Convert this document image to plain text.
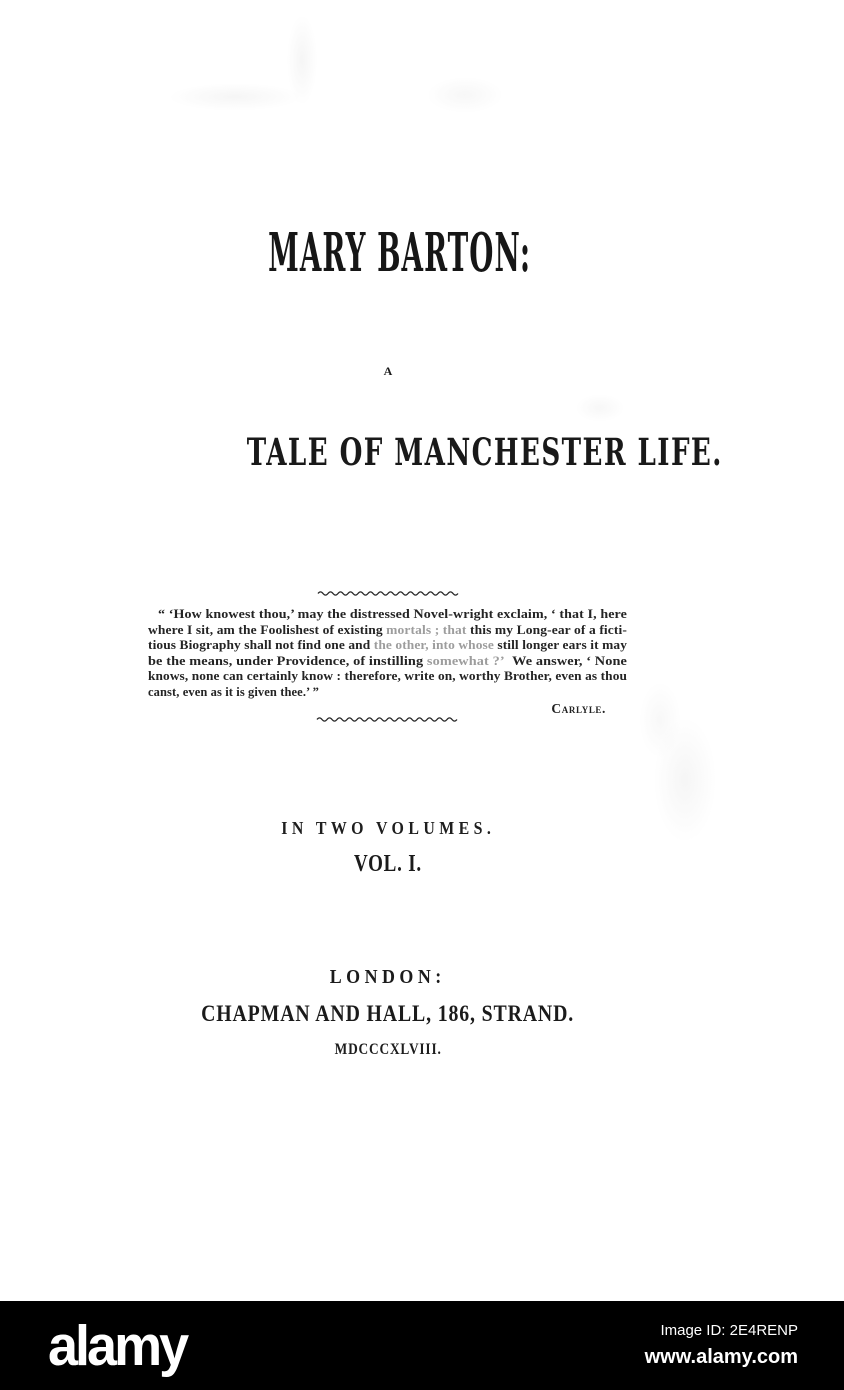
MARY BARTON:
A
TALE OF MANCHESTER LIFE.
“ ‘How knowest thou,’ may the distressed Novel-wright exclaim, ‘ that I, here
where I sit, am the Foolishest of existing mortals ; that this my Long-ear of a ficti-
tious Biography shall not find one and the other, into whose still longer ears it may
be the means, under Providence, of instilling somewhat ?’  We answer, ‘ None
knows, none can certainly know : therefore, write on, worthy Brother, even as thou
canst, even as it is given thee.’ ”
Carlyle.
IN TWO VOLUMES.
VOL. I.
LONDON:
CHAPMAN AND HALL, 186, STRAND.
MDCCCXLVIII.
alamy	Image ID: 2E4RENP
www.alamy.com
